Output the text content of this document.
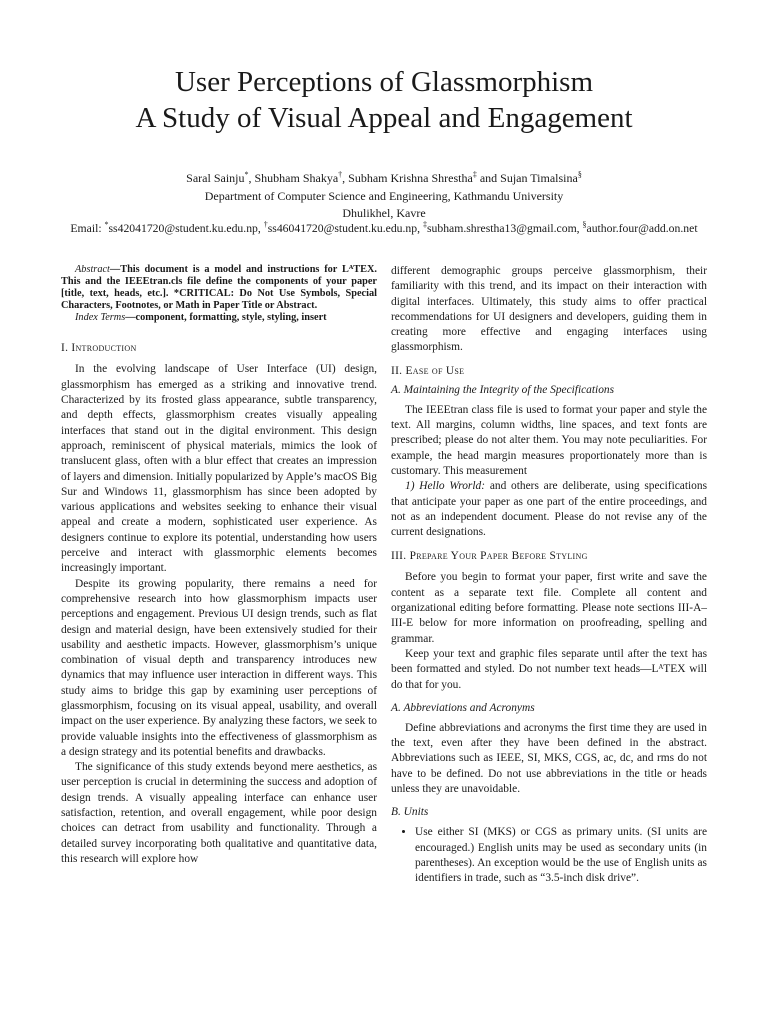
User Perceptions of Glassmorphism
A Study of Visual Appeal and Engagement
Saral Sainju*, Shubham Shakya†, Subham Krishna Shrestha‡ and Sujan Timalsina§
Department of Computer Science and Engineering, Kathmandu University
Dhulikhel, Kavre
Email: *ss42041720@student.ku.edu.np, †ss46041720@student.ku.edu.np, ‡subham.shrestha13@gmail.com, §author.four@add.on.net

Abstract—This document is a model and instructions for LᴬTEX. This and the IEEEtran.cls file define the components of your paper [title, text, heads, etc.]. *CRITICAL: Do Not Use Symbols, Special Characters, Footnotes, or Math in Paper Title or Abstract.

Index Terms—component, formatting, style, styling, insert

I. Introduction

In the evolving landscape of User Interface (UI) design, glassmorphism has emerged as a striking and innovative trend. Characterized by its frosted glass appearance, subtle transparency, and depth effects, glassmorphism creates visually appealing interfaces that stand out in the digital environment. This design approach, reminiscent of physical materials, mimics the look of translucent glass, often with a blur effect that creates an impression of layers and dimension. Initially popularized by Apple’s macOS Big Sur and Windows 11, glassmorphism has since been adopted by various applications and websites seeking to enhance their visual appeal and create a modern, sophisticated user experience. As designers continue to explore its potential, understanding how users perceive and interact with glassmorphic elements becomes increasingly important.

Despite its growing popularity, there remains a need for comprehensive research into how glassmorphism impacts user perceptions and engagement. Previous UI design trends, such as flat design and material design, have been extensively studied for their usability and aesthetic impacts. However, glassmorphism’s unique combination of visual depth and transparency introduces new dynamics that may influence user interaction in different ways. This study aims to bridge this gap by examining user perceptions of glassmorphism, focusing on its visual appeal, usability, and overall impact on the user experience. By analyzing these factors, we seek to provide valuable insights into the effectiveness of glassmorphism as a design strategy and its potential benefits and drawbacks.

The significance of this study extends beyond mere aesthetics, as user perception is crucial in determining the success and adoption of design trends. A visually appealing interface can enhance user satisfaction, retention, and overall engagement, while poor design choices can detract from usability and functionality. Through a detailed survey incorporating both qualitative and quantitative data, this research will explore how

different demographic groups perceive glassmorphism, their familiarity with this trend, and its impact on their interaction with digital interfaces. Ultimately, this study aims to offer practical recommendations for UI designers and developers, guiding them in creating more effective and engaging interfaces using glassmorphism.

II. Ease of Use

A. Maintaining the Integrity of the Specifications

The IEEEtran class file is used to format your paper and style the text. All margins, column widths, line spaces, and text fonts are prescribed; please do not alter them. You may note peculiarities. For example, the head margin measures proportionately more than is customary. This measurement

1) Hello Wrorld: and others are deliberate, using specifications that anticipate your paper as one part of the entire proceedings, and not as an independent document. Please do not revise any of the current designations.

III. Prepare Your Paper Before Styling

Before you begin to format your paper, first write and save the content as a separate text file. Complete all content and organizational editing before formatting. Please note sections III-A–III-E below for more information on proofreading, spelling and grammar.

Keep your text and graphic files separate until after the text has been formatted and styled. Do not number text heads—LᴬTEX will do that for you.

A. Abbreviations and Acronyms

Define abbreviations and acronyms the first time they are used in the text, even after they have been defined in the abstract. Abbreviations such as IEEE, SI, MKS, CGS, ac, dc, and rms do not have to be defined. Do not use abbreviations in the title or heads unless they are unavoidable.

B. Units

• Use either SI (MKS) or CGS as primary units. (SI units are encouraged.) English units may be used as secondary units (in parentheses). An exception would be the use of English units as identifiers in trade, such as “3.5-inch disk drive”.
